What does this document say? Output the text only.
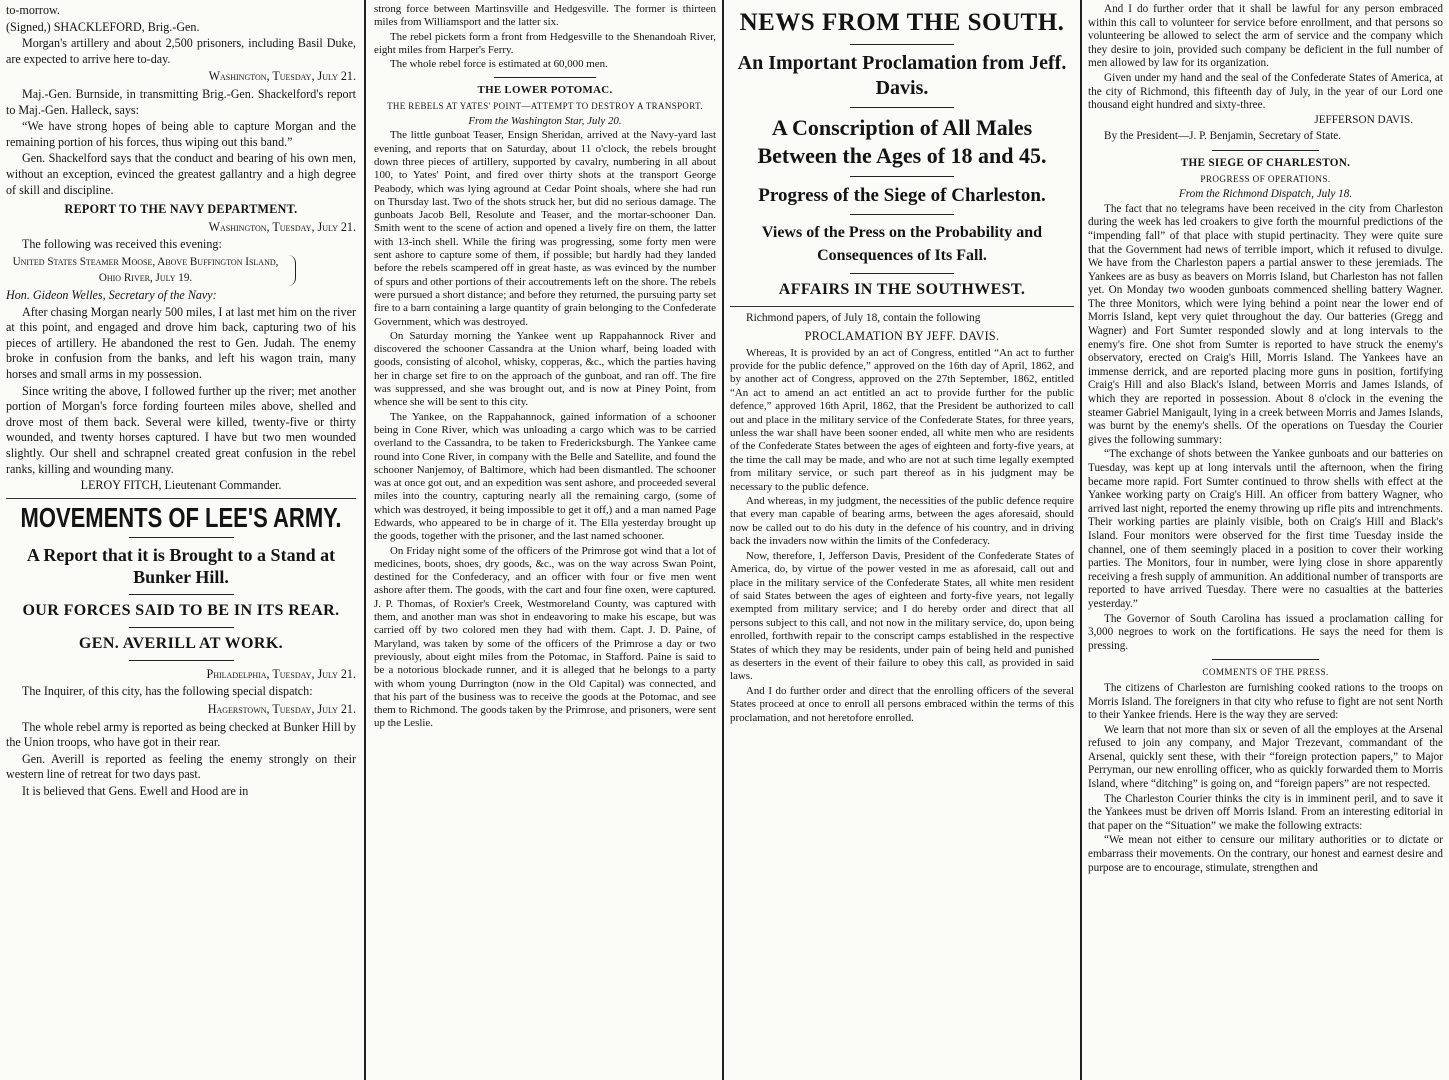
to-morrow.

(Signed,) SHACKLEFORD, Brig.-Gen.

Morgan's artillery and about 2,500 prisoners, including Basil Duke, are expected to arrive here to-day.

Washington, Tuesday, July 21.

Maj.-Gen. Burnside, in transmitting Brig.-Gen. Shackelford's report to Maj.-Gen. Halleck, says:

“We have strong hopes of being able to capture Morgan and the remaining portion of his forces, thus wiping out this band.”

Gen. Shackelford says that the conduct and bearing of his own men, without an exception, evinced the greatest gallantry and a high degree of skill and discipline.

REPORT TO THE NAVY DEPARTMENT.

Washington, Tuesday, July 21.

The following was received this evening:

United States Steamer Moose, Above Buffington Island, Ohio River, July 19.

Hon. Gideon Welles, Secretary of the Navy:

After chasing Morgan nearly 500 miles, I at last met him on the river at this point, and engaged and drove him back, capturing two of his pieces of artillery. He abandoned the rest to Gen. Judah. The enemy broke in confusion from the banks, and left his wagon train, many horses and small arms in my possession.

Since writing the above, I followed further up the river; met another portion of Morgan's force fording fourteen miles above, shelled and drove most of them back. Several were killed, twenty-five or thirty wounded, and twenty horses captured. I have but two men wounded slightly. Our shell and schrapnel created great confusion in the rebel ranks, killing and wounding many.

LEROY FITCH, Lieutenant Commander.

MOVEMENTS OF LEE'S ARMY.

A Report that it is Brought to a Stand at Bunker Hill.

OUR FORCES SAID TO BE IN ITS REAR.

GEN. AVERILL AT WORK.

Philadelphia, Tuesday, July 21.

The Inquirer, of this city, has the following special dispatch:

Hagerstown, Tuesday, July 21.

The whole rebel army is reported as being checked at Bunker Hill by the Union troops, who have got in their rear.

Gen. Averill is reported as feeling the enemy strongly on their western line of retreat for two days past.

It is believed that Gens. Ewell and Hood are in

strong force between Martinsville and Hedgesville. The former is thirteen miles from Williamsport and the latter six.

The rebel pickets form a front from Hedgesville to the Shenandoah River, eight miles from Harper's Ferry.

The whole rebel force is estimated at 60,000 men.

THE LOWER POTOMAC.

THE REBELS AT YATES' POINT—ATTEMPT TO DESTROY A TRANSPORT.

From the Washington Star, July 20.

The little gunboat Teaser, Ensign Sheridan, arrived at the Navy-yard last evening, and reports that on Saturday, about 11 o'clock, the rebels brought down three pieces of artillery, supported by cavalry, numbering in all about 100, to Yates' Point, and fired over thirty shots at the transport George Peabody, which was lying aground at Cedar Point shoals, where she had run on Thursday last. Two of the shots struck her, but did no serious damage. The gunboats Jacob Bell, Resolute and Teaser, and the mortar-schooner Dan. Smith went to the scene of action and opened a lively fire on them, the latter with 13-inch shell. While the firing was progressing, some forty men were sent ashore to capture some of them, if possible; but hardly had they landed before the rebels scampered off in great haste, as was evinced by the number of spurs and other portions of their accoutrements left on the shore. The rebels were pursued a short distance; and before they returned, the pursuing party set fire to a barn containing a large quantity of grain belonging to the Confederate Government, which was destroyed.

On Saturday morning the Yankee went up Rappahannock River and discovered the schooner Cassandra at the Union wharf, being loaded with goods, consisting of alcohol, whisky, copperas, &c., which the parties having her in charge set fire to on the approach of the gunboat, and ran off. The fire was suppressed, and she was brought out, and is now at Piney Point, from whence she will be sent to this city.

The Yankee, on the Rappahannock, gained information of a schooner being in Cone River, which was unloading a cargo which was to be carried overland to the Cassandra, to be taken to Fredericksburgh. The Yankee came round into Cone River, in company with the Belle and Satellite, and found the schooner Nanjemoy, of Baltimore, which had been dismantled. The schooner was at once got out, and an expedition was sent ashore, and proceeded several miles into the country, capturing nearly all the remaining cargo, (some of which was destroyed, it being impossible to get it off,) and a man named Page Edwards, who appeared to be in charge of it. The Ella yesterday brought up the goods, together with the prisoner, and the last named schooner.

On Friday night some of the officers of the Primrose got wind that a lot of medicines, boots, shoes, dry goods, &c., was on the way across Swan Point, destined for the Confederacy, and an officer with four or five men went ashore after them. The goods, with the cart and four fine oxen, were captured. J. P. Thomas, of Roxier's Creek, Westmoreland County, was captured with them, and another man was shot in endeavoring to make his escape, but was carried off by two colored men they had with them. Capt. J. D. Paine, of Maryland, was taken by some of the officers of the Primrose a day or two previously, about eight miles from the Potomac, in Stafford. Paine is said to be a notorious blockade runner, and it is alleged that he belongs to a party with whom young Durrington (now in the Old Capital) was connected, and that his part of the business was to receive the goods at the Potomac, and see them to Richmond. The goods taken by the Primrose, and prisoners, were sent up the Leslie.

NEWS FROM THE SOUTH.

An Important Proclamation from Jeff. Davis.

A Conscription of All Males Between the Ages of 18 and 45.

Progress of the Siege of Charleston.

Views of the Press on the Probability and Consequences of Its Fall.

AFFAIRS IN THE SOUTHWEST.

Richmond papers, of July 18, contain the following

PROCLAMATION BY JEFF. DAVIS.

Whereas, It is provided by an act of Congress, entitled “An act to further provide for the public defence,” approved on the 16th day of April, 1862, and by another act of Congress, approved on the 27th September, 1862, entitled “An act to amend an act entitled an act to provide further for the public defence,” approved 16th April, 1862, that the President be authorized to call out and place in the military service of the Confederate States, for three years, unless the war shall have been sooner ended, all white men who are residents of the Confederate States between the ages of eighteen and forty-five years, at the time the call may be made, and who are not at such time legally exempted from military service, or such part thereof as in his judgment may be necessary to the public defence.

And whereas, in my judgment, the necessities of the public defence require that every man capable of bearing arms, between the ages aforesaid, should now be called out to do his duty in the defence of his country, and in driving back the invaders now within the limits of the Confederacy.

Now, therefore, I, Jefferson Davis, President of the Confederate States of America, do, by virtue of the power vested in me as aforesaid, call out and place in the military service of the Confederate States, all white men resident of said States between the ages of eighteen and forty-five years, not legally exempted from military service; and I do hereby order and direct that all persons subject to this call, and not now in the military service, do, upon being enrolled, forthwith repair to the conscript camps established in the respective States of which they may be residents, under pain of being held and punished as deserters in the event of their failure to obey this call, as provided in said laws.

And I do further order and direct that the enrolling officers of the several States proceed at once to enroll all persons embraced within the terms of this proclamation, and not heretofore enrolled.

And I do further order that it shall be lawful for any person embraced within this call to volunteer for service before enrollment, and that persons so volunteering be allowed to select the arm of service and the company which they desire to join, provided such company be deficient in the full number of men allowed by law for its organization.

Given under my hand and the seal of the Confederate States of America, at the city of Richmond, this fifteenth day of July, in the year of our Lord one thousand eight hundred and sixty-three.

JEFFERSON DAVIS.

By the President—J. P. Benjamin, Secretary of State.

THE SIEGE OF CHARLESTON.

PROGRESS OF OPERATIONS.

From the Richmond Dispatch, July 18.

The fact that no telegrams have been received in the city from Charleston during the week has led croakers to give forth the mournful predictions of the “impending fall” of that place with stupid pertinacity. They were quite sure that the Government had news of terrible import, which it refused to divulge. We have from the Charleston papers a partial answer to these jeremiads. The Yankees are as busy as beavers on Morris Island, but Charleston has not fallen yet. On Monday two wooden gunboats commenced shelling battery Wagner. The three Monitors, which were lying behind a point near the lower end of Morris Island, kept very quiet throughout the day. Our batteries (Gregg and Wagner) and Fort Sumter responded slowly and at long intervals to the enemy's fire. One shot from Sumter is reported to have struck the enemy's observatory, erected on Craig's Hill, Morris Island. The Yankees have an immense derrick, and are reported placing more guns in position, fortifying Craig's Hill and also Black's Island, between Morris and James Islands, of which they are reported in possession. About 8 o'clock in the evening the steamer Gabriel Manigault, lying in a creek between Morris and James Islands, was burnt by the enemy's shells. Of the operations on Tuesday the Courier gives the following summary:

“The exchange of shots between the Yankee gunboats and our batteries on Tuesday, was kept up at long intervals until the afternoon, when the firing became more rapid. Fort Sumter continued to throw shells with effect at the Yankee working party on Craig's Hill. An officer from battery Wagner, who arrived last night, reported the enemy throwing up rifle pits and intrenchments. Their working parties are plainly visible, both on Craig's Hill and Black's Island. Four monitors were observed for the first time Tuesday inside the channel, one of them seemingly placed in a position to cover their working parties. The Monitors, four in number, were lying close in shore apparently receiving a fresh supply of ammunition. An additional number of transports are reported to have arrived Tuesday. There were no casualties at the batteries yesterday.”

The Governor of South Carolina has issued a proclamation calling for 3,000 negroes to work on the fortifications. He says the need for them is pressing.

COMMENTS OF THE PRESS.

The citizens of Charleston are furnishing cooked rations to the troops on Morris Island. The foreigners in that city who refuse to fight are not sent North to their Yankee friends. Here is the way they are served:

We learn that not more than six or seven of all the employes at the Arsenal refused to join any company, and Major Trezevant, commandant of the Arsenal, quickly sent these, with their “foreign protection papers,” to Major Perryman, our new enrolling officer, who as quickly forwarded them to Morris Island, where “ditching” is going on, and “foreign papers” are not respected.

The Charleston Courier thinks the city is in imminent peril, and to save it the Yankees must be driven off Morris Island. From an interesting editorial in that paper on the “Situation” we make the following extracts:

“We mean not either to censure our military authorities or to dictate or embarrass their movements. On the contrary, our honest and earnest desire and purpose are to encourage, stimulate, strengthen and
